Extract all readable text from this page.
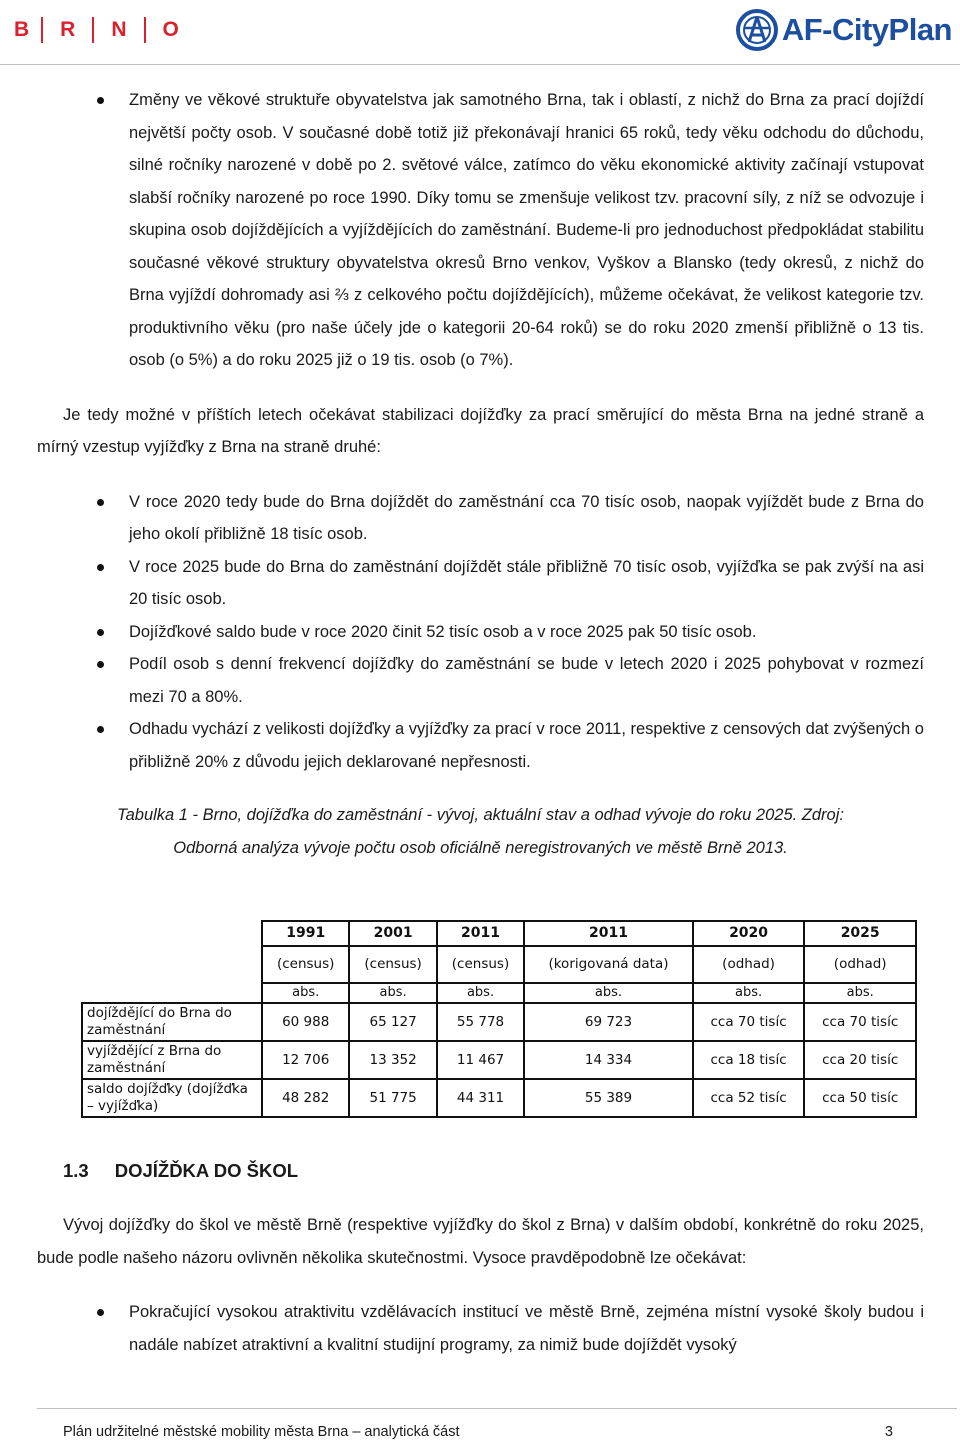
B R N O	AF-CityPlan
Změny ve věkové struktuře obyvatelstva jak samotného Brna, tak i oblastí, z nichž do Brna za prací dojíždí největší počty osob. V současné době totiž již překonávají hranici 65 roků, tedy věku odchodu do důchodu, silné ročníky narozené v době po 2. světové válce, zatímco do věku ekonomické aktivity začínají vstupovat slabší ročníky narozené po roce 1990. Díky tomu se zmenšuje velikost tzv. pracovní síly, z níž se odvozuje i skupina osob dojíždějících a vyjíždějících do zaměstnání. Budeme-li pro jednoduchost předpokládat stabilitu současné věkové struktury obyvatelstva okresů Brno venkov, Vyškov a Blansko (tedy okresů, z nichž do Brna vyjíždí dohromady asi ⅔ z celkového počtu dojíždějících), můžeme očekávat, že velikost kategorie tzv. produktivního věku (pro naše účely jde o kategorii 20-64 roků) se do roku 2020 zmenší přibližně o 13 tis. osob (o 5%) a do roku 2025 již o 19 tis. osob (o 7%).

Je tedy možné v příštích letech očekávat stabilizaci dojížďky za prací směrující do města Brna na jedné straně a mírný vzestup vyjížďky z Brna na straně druhé:

V roce 2020 tedy bude do Brna dojíždět do zaměstnání cca 70 tisíc osob, naopak vyjíždět bude z Brna do jeho okolí přibližně 18 tisíc osob.
V roce 2025 bude do Brna do zaměstnání dojíždět stále přibližně 70 tisíc osob, vyjížďka se pak zvýší na asi 20 tisíc osob.
Dojížďkové saldo bude v roce 2020 činit 52 tisíc osob a v roce 2025 pak 50 tisíc osob.
Podíl osob s denní frekvencí dojížďky do zaměstnání se bude v letech 2020 i 2025 pohybovat v rozmezí mezi 70 a 80%.
Odhadu vychází z velikosti dojížďky a vyjížďky za prací v roce 2011, respektive z censových dat zvýšených o přibližně 20% z důvodu jejich deklarované nepřesnosti.
Tabulka 1 - Brno, dojížďka do zaměstnání - vývoj, aktuální stav a odhad vývoje do roku 2025. Zdroj:
Odborná analýza vývoje počtu osob oficiálně neregistrovaných ve městě Brně 2013.
	1991	2001	2011	2011	2020	2025
	(census)	(census)	(census)	(korigovaná data)	(odhad)	(odhad)
	abs.	abs.	abs.	abs.	abs.	abs.
dojíždějící do Brna do zaměstnání	60 988	65 127	55 778	69 723	cca 70 tisíc	cca 70 tisíc
vyjíždějící z Brna do zaměstnání	12 706	13 352	11 467	14 334	cca 18 tisíc	cca 20 tisíc
saldo dojížďky (dojížďka – vyjížďka)	48 282	51 775	44 311	55 389	cca 52 tisíc	cca 50 tisíc
1.3 DOJÍŽĎKA DO ŠKOL

Vývoj dojížďky do škol ve městě Brně (respektive vyjížďky do škol z Brna) v dalším období, konkrétně do roku 2025, bude podle našeho názoru ovlivněn několika skutečnostmi. Vysoce pravděpodobně lze očekávat:

Pokračující vysokou atraktivitu vzdělávacích institucí ve městě Brně, zejména místní vysoké školy budou i nadále nabízet atraktivní a kvalitní studijní programy, za nimiž bude dojíždět vysoký
Plán udržitelné městské mobility města Brna – analytická část	3
